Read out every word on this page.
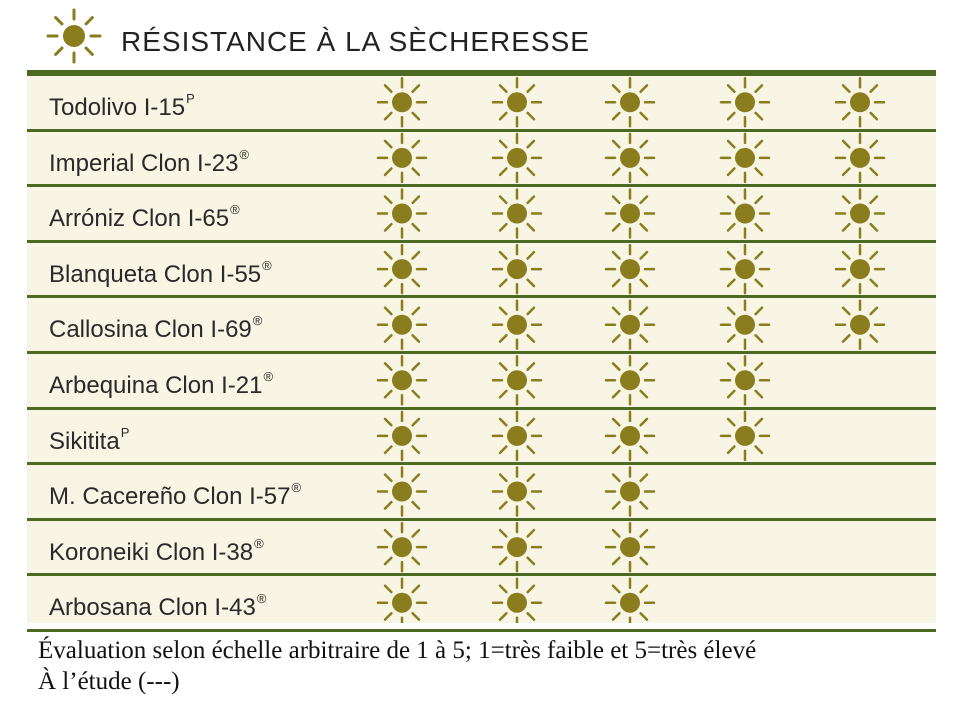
RÉSISTANCE À LA SÈCHERESSE
Todolivo $I-15^P$
Imperial Clon I-23®
Arróniz Clon I-65®
Blanqueta Clon I-55®
Callosina Clon I-69®
Arbequina Clon I-21®
Sikitita$^P$
M. Cacereño Clon I-57®
Koroneiki Clon I-38®
Arbosana Clon I-43®
Évaluation selon échelle arbitraire de 1 à 5; 1=très faible et 5=très élevé
À l’étude (---)
